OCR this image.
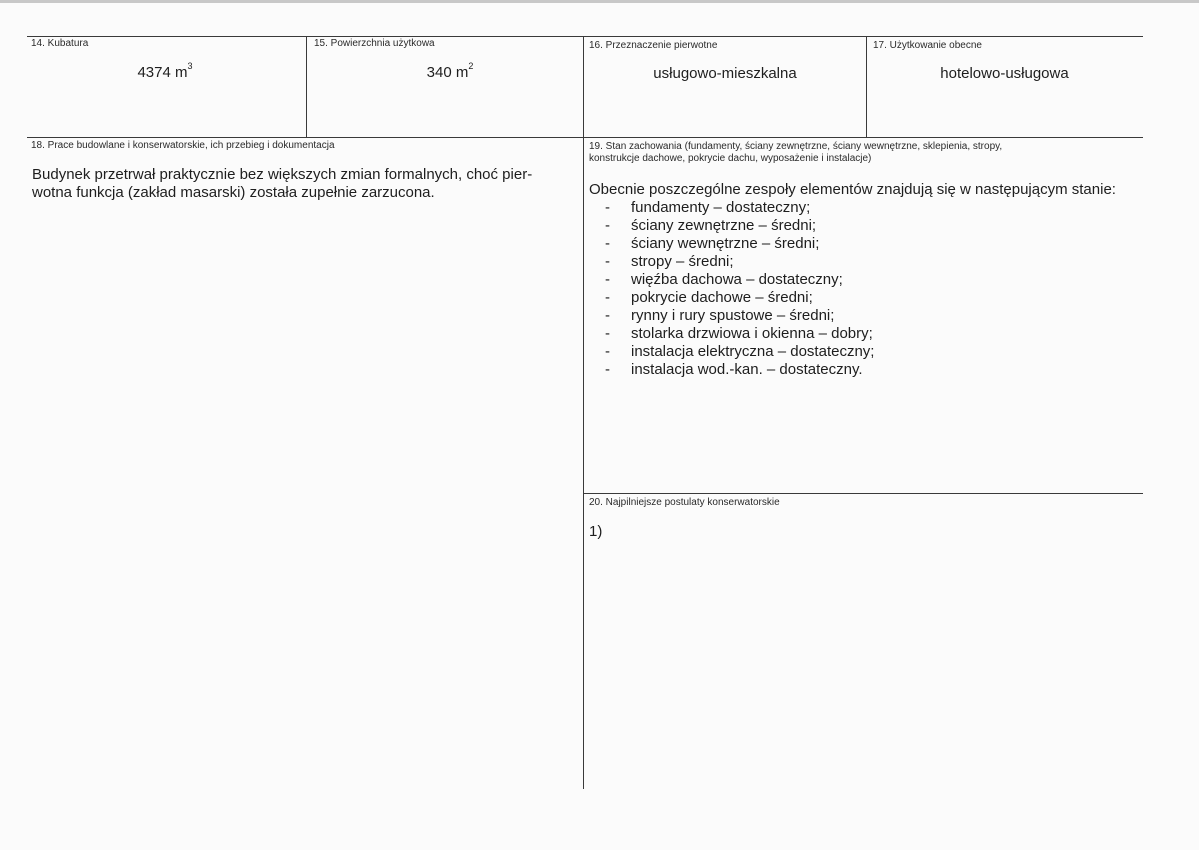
14. Kubatura
4374 $m^3$
15. Powierzchnia użytkowa
340 $m^2$
16. Przeznaczenie pierwotne
usługowo-mieszkalna
17. Użytkowanie obecne
hotelowo-usługowa
18. Prace budowlane i konserwatorskie, ich przebieg i dokumentacja
Budynek przetrwał praktycznie bez większych zmian formalnych, choć pier-
wotna funkcja (zakład masarski) została zupełnie zarzucona.
19. Stan zachowania (fundamenty, ściany zewnętrzne, ściany wewnętrzne, sklepienia, stropy,
konstrukcje dachowe, pokrycie dachu, wyposażenie i instalacje)
Obecnie poszczególne zespoły elementów znajdują się w następującym stanie:
- fundamenty – dostateczny;
- ściany zewnętrzne – średni;
- ściany wewnętrzne – średni;
- stropy – średni;
- więźba dachowa – dostateczny;
- pokrycie dachowe – średni;
- rynny i rury spustowe – średni;
- stolarka drzwiowa i okienna – dobry;
- instalacja elektryczna – dostateczny;
- instalacja wod.-kan. – dostateczny.
20. Najpilniejsze postulaty konserwatorskie
1)
